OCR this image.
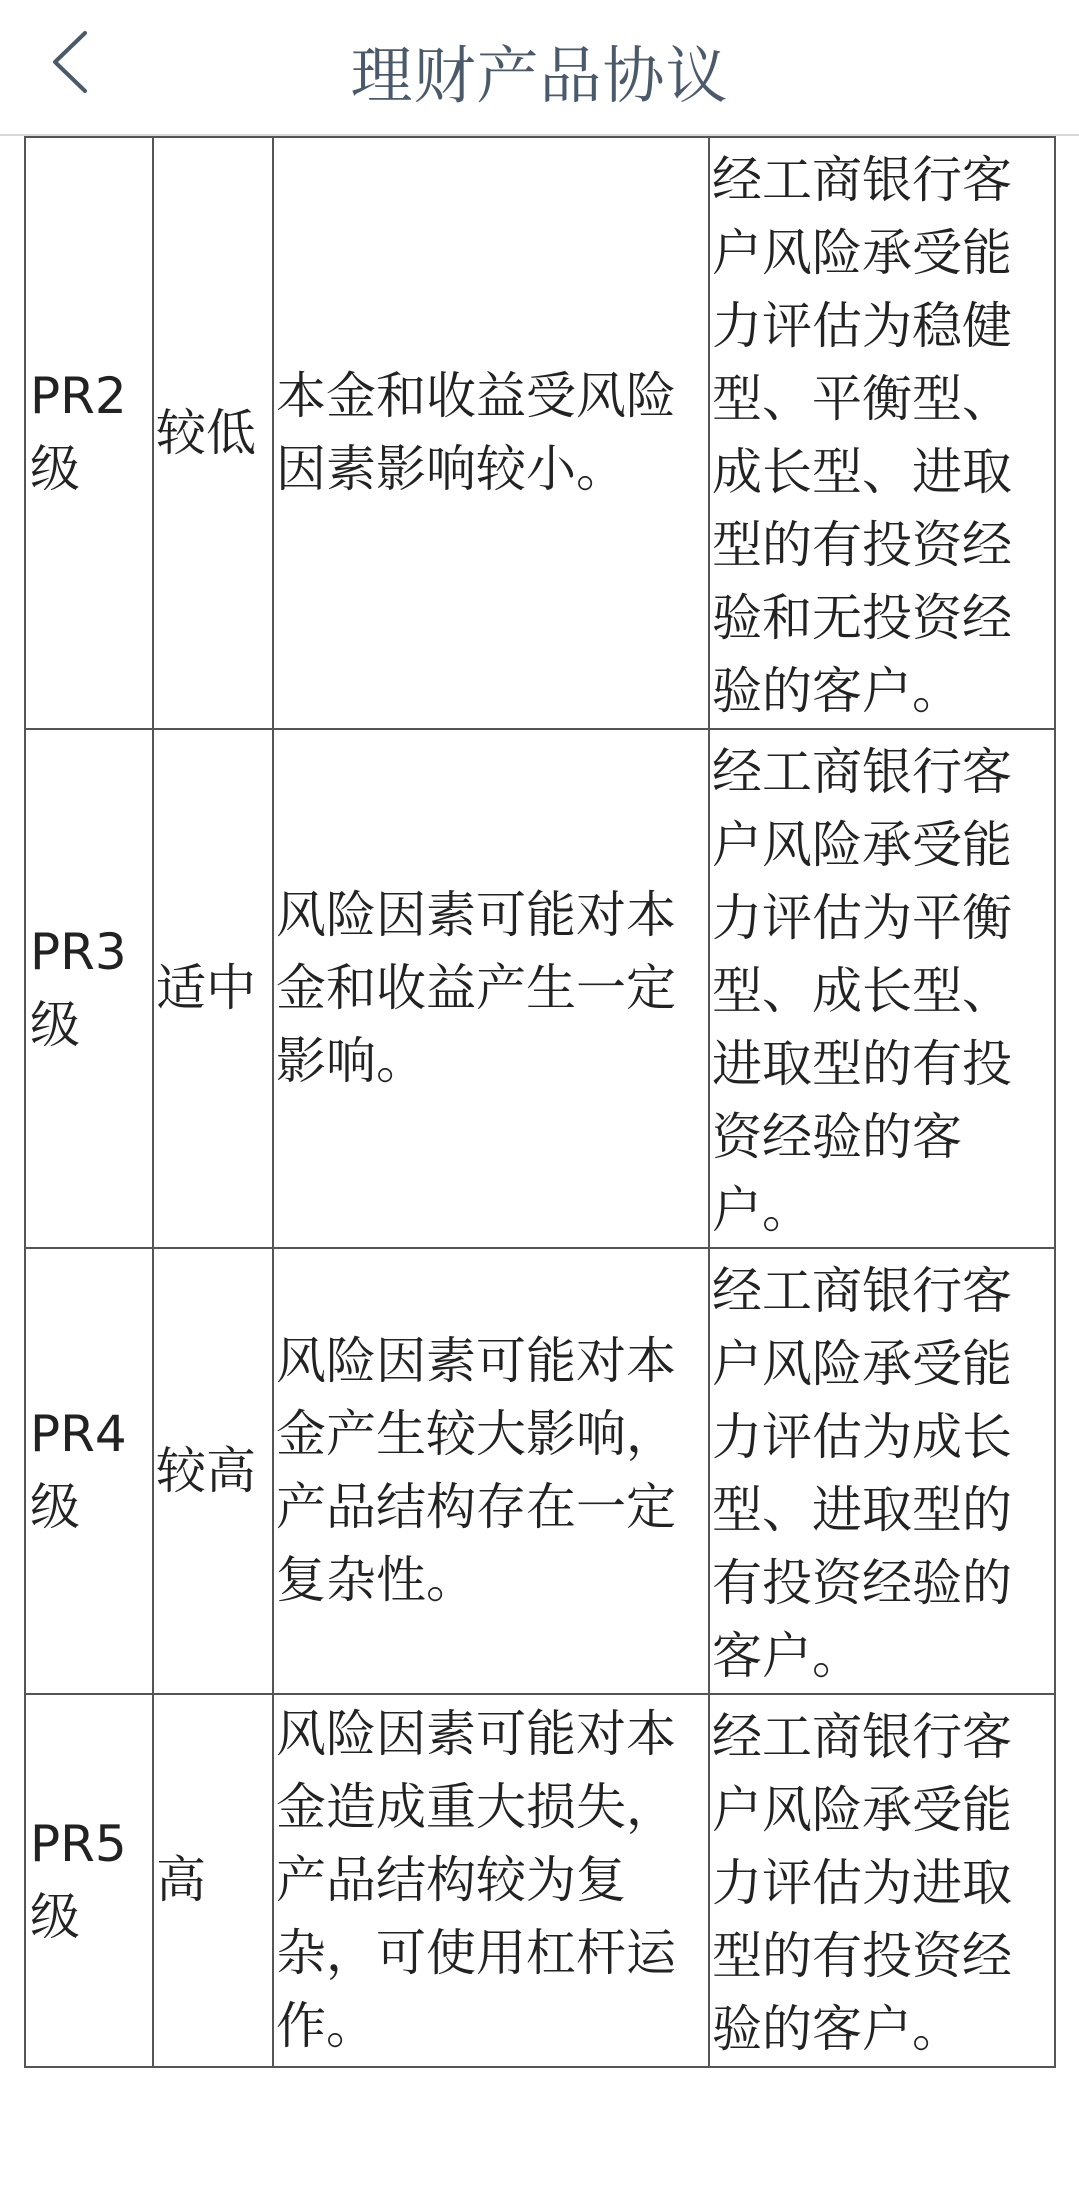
理财产品协议

PR2级	较低	本金和收益受风险因素影响较小。	经工商银行客户风险承受能力评估为稳健型、平衡型、成长型、进取型的有投资经验和无投资经验的客户。
PR3级	适中	风险因素可能对本金和收益产生一定影响。	经工商银行客户风险承受能力评估为平衡型、成长型、进取型的有投资经验的客户。
PR4级	较高	风险因素可能对本金产生较大影响，产品结构存在一定复杂性。	经工商银行客户风险承受能力评估为成长型、进取型的有投资经验的客户。
PR5级	高	风险因素可能对本金造成重大损失，产品结构较为复杂，可使用杠杆运作。	经工商银行客户风险承受能力评估为进取型的有投资经验的客户。
